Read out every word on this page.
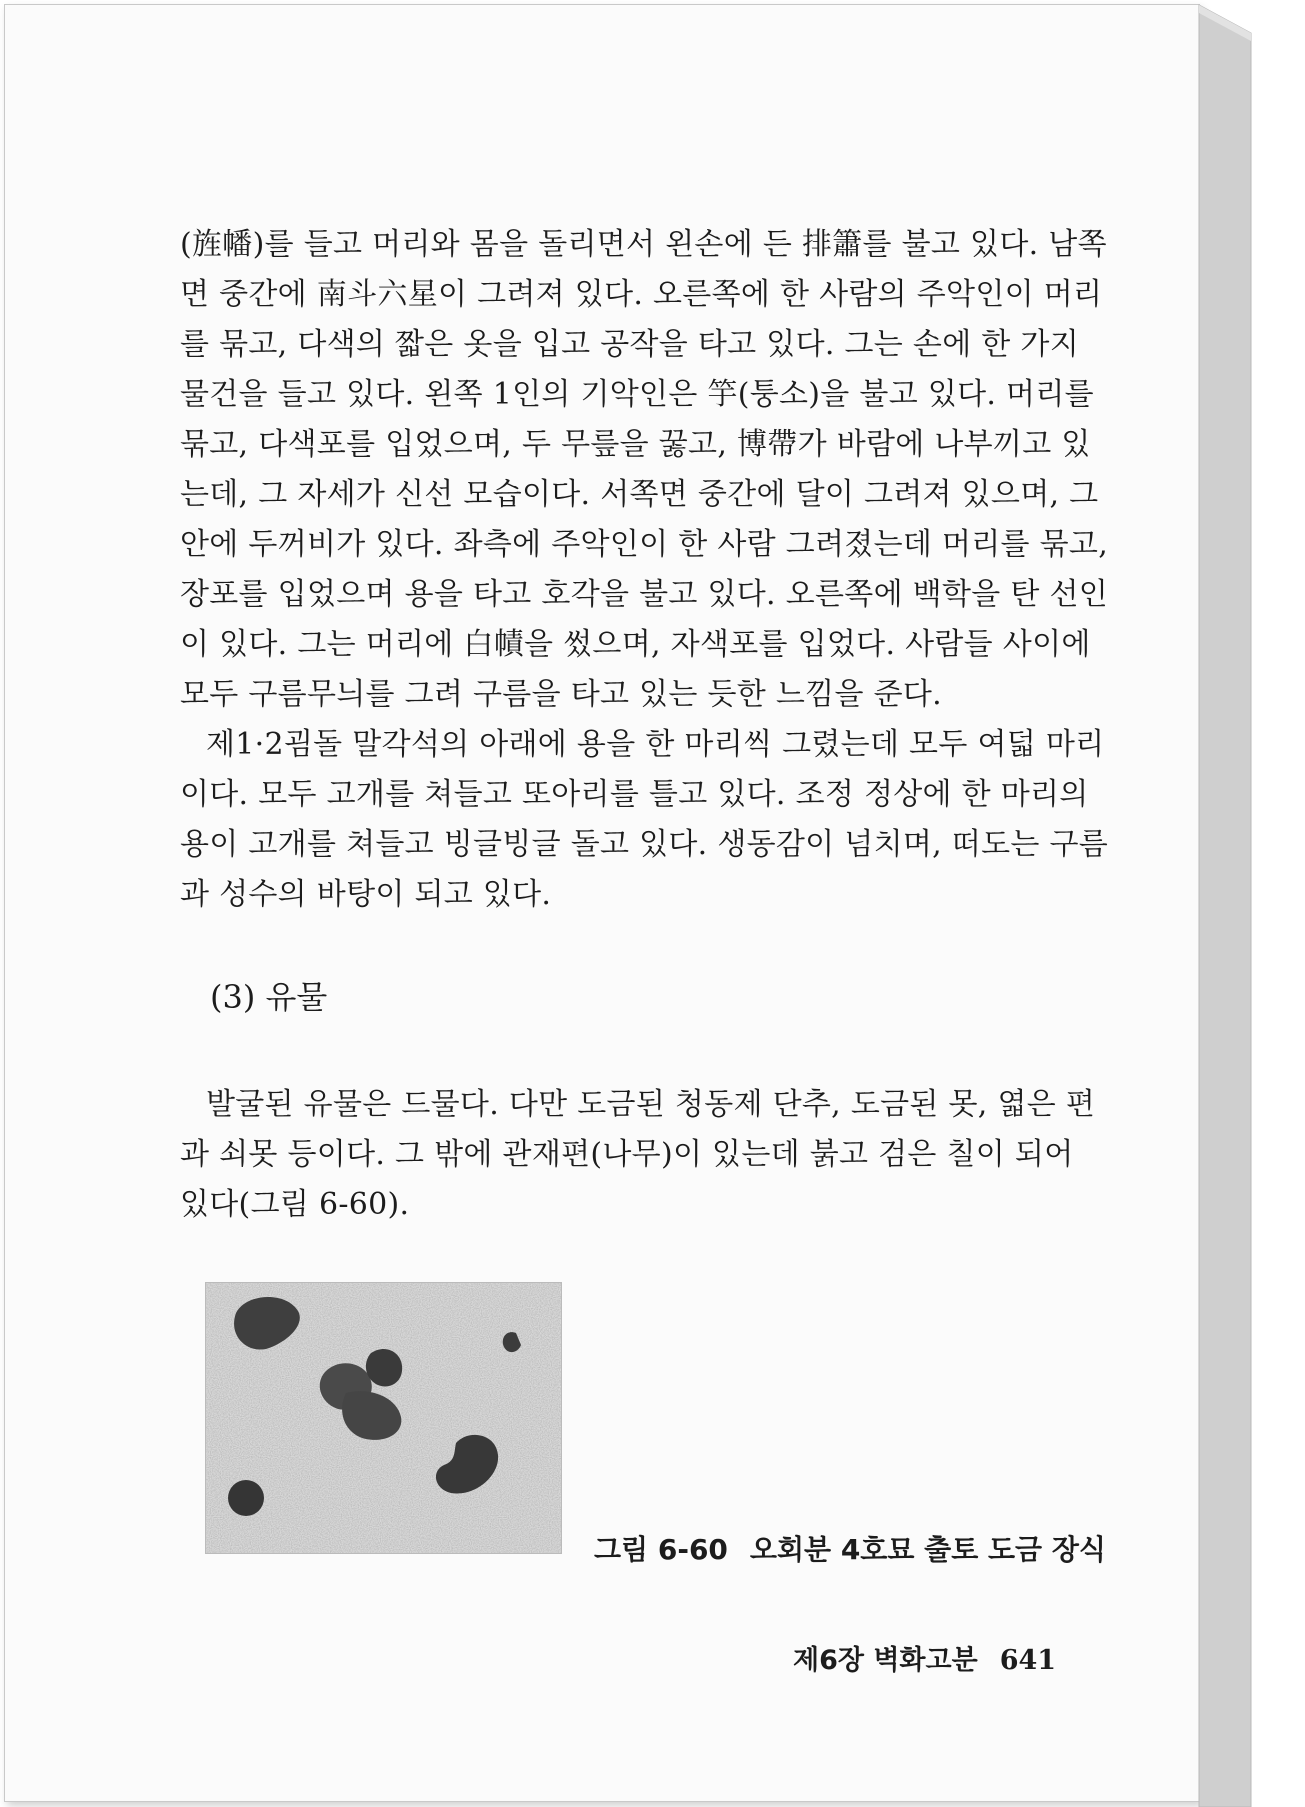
(旌幡)를 들고 머리와 몸을 돌리면서 왼손에 든 排簫를 불고 있다. 남쪽
면 중간에 南斗六星이 그려져 있다. 오른쪽에 한 사람의 주악인이 머리
를 묶고, 다색의 짧은 옷을 입고 공작을 타고 있다. 그는 손에 한 가지
물건을 들고 있다. 왼쪽 1인의 기악인은 竽(퉁소)을 불고 있다. 머리를
묶고, 다색포를 입었으며, 두 무릎을 꿇고, 博帶가 바람에 나부끼고 있
는데, 그 자세가 신선 모습이다. 서쪽면 중간에 달이 그려져 있으며, 그
안에 두꺼비가 있다. 좌측에 주악인이 한 사람 그려졌는데 머리를 묶고,
장포를 입었으며 용을 타고 호각을 불고 있다. 오른쪽에 백학을 탄 선인
이 있다. 그는 머리에 白幘을 썼으며, 자색포를 입었다. 사람들 사이에
모두 구름무늬를 그려 구름을 타고 있는 듯한 느낌을 준다.
제1·2굄돌 말각석의 아래에 용을 한 마리씩 그렸는데 모두 여덟 마리
이다. 모두 고개를 쳐들고 또아리를 틀고 있다. 조정 정상에 한 마리의
용이 고개를 쳐들고 빙글빙글 돌고 있다. 생동감이 넘치며, 떠도는 구름
과 성수의 바탕이 되고 있다.
(3) 유물
발굴된 유물은 드물다. 다만 도금된 청동제 단추, 도금된 못, 엷은 편
과 쇠못 등이다. 그 밖에 관재편(나무)이 있는데 붉고 검은 칠이 되어
있다(그림 6-60).
그림 6-60 오회분 4호묘 출토 도금 장식
제6장 벽화고분 641
